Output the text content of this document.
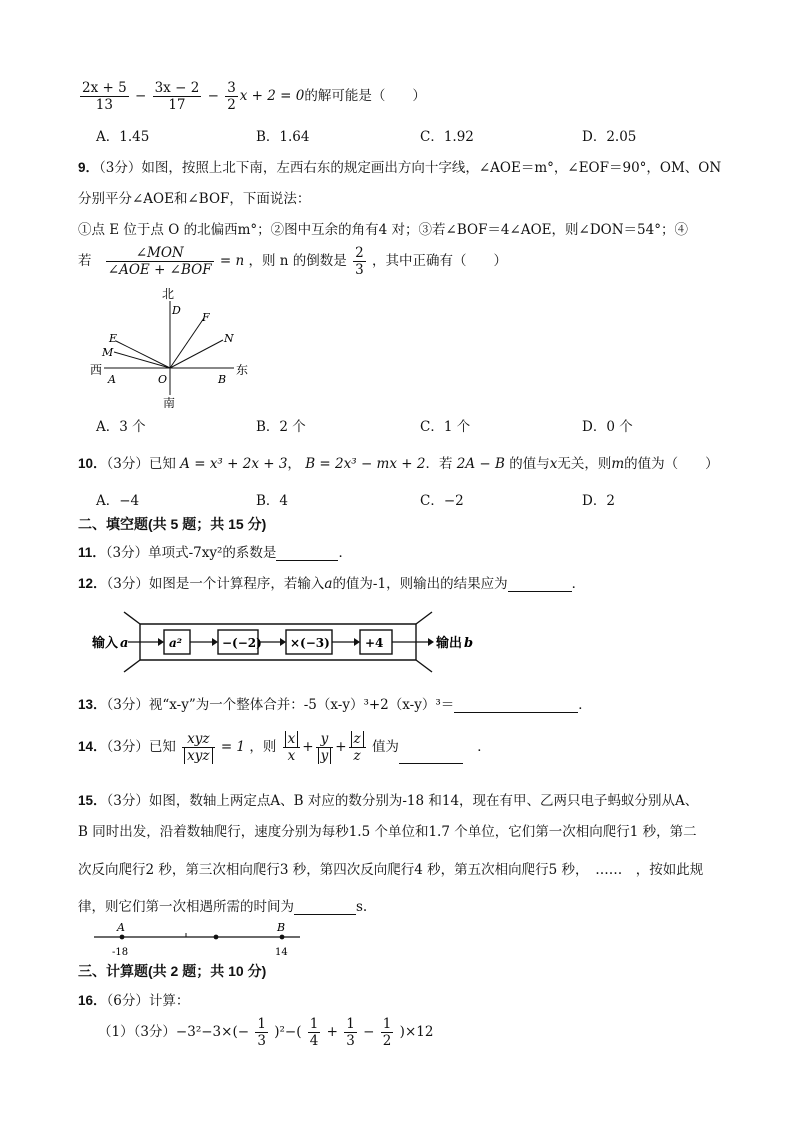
$\frac{2x + 5}{13} - \frac{3x - 2}{17} - \frac{3}{2}$ x + 2 = 0的解可能是（　　）
A．1.45	B．1.64	C．1.92	D．2.05
9．（3分）如图，按照上北下南，左西右东的规定画出方向十字线，∠AOE＝m°，∠EOF＝90°，OM、ON
分别平分∠AOE和∠BOF，下面说法：
①点 E 位于点 O 的北偏西m°；②图中互余的角有4 对；③若∠BOF＝4∠AOE，则∠DON＝54°；④
若 $\frac{\text{∠MON}}{\text{∠AOE + ∠BOF}} = n$ ，则 n 的倒数是 $\frac{2}{3}$ ，其中正确有（　　）
北
南
西	东
D
F
E
M
N
A	O	B
A．3 个	B．2 个	C．1 个	D．0 个
10．（3分）已知 A = x³ + 2x + 3， B = 2x³ − mx + 2．若 2A − B 的值与x无关，则m的值为（　　）
A．−4	B．4	C．−2	D．2
二、填空题(共 5 题；共 15 分)
11．（3分）单项式-7xy²的系数是	．
12．（3分）如图是一个计算程序，若输入a的值为-1，则输出的结果应为	．
输入 a	a²	−(−2) ×(−3)	+4	输出 b
13．（3分）视“x-y”为一个整体合并：-5（x-y）³+2（x-y）³＝	．
14．（3分）已知 $\frac{\text{xyz}}{\text{xyz}} = 1$ ，则 $\frac{x}{x} + \frac{y}{y} + \frac{z}{z}$ 值为	．
15．（3分）如图，数轴上两定点A、B 对应的数分别为-18 和14，现在有甲、乙两只电子蚂蚁分别从A、
B 同时出发，沿着数轴爬行，速度分别为每秒1.5 个单位和1.7 个单位，它们第一次相向爬行1 秒，第二
次反向爬行2 秒，第三次相向爬行3 秒，第四次反向爬行4 秒，第五次相向爬行5 秒，　……　，按如此规
律，则它们第一次相遇所需的时间为	s.
A	B
-18	14
三、计算题(共 2 题；共 10 分)
16．（6分）计算：
（1）（3分）$-3^2-3\times(- \frac{1}{3} )^2-( \frac{1}{4} + \frac{1}{3} - \frac{1}{2} )\times 12$
